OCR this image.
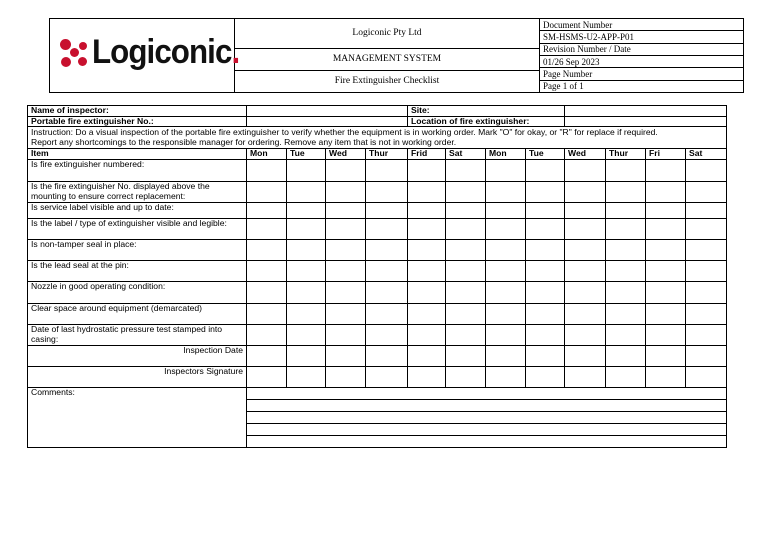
Logiconic.	Logiconic Pty Ltd
MANAGEMENT SYSTEM
Fire Extinguisher Checklist
Document Number
SM-HSMS-U2-APP-P01
Revision Number / Date
01/26 Sep 2023
Page Number
Page 1 of 1
Name of inspector:					Site:							
Portable fire extinguisher No.:					Location of fire extinguisher:							

Instruction: Do a visual inspection of the portable fire extinguisher to verify whether the equipment is in working order. Mark "O" for okay, or "R" for replace if required.
Report any shortcomings to the responsible manager for ordering. Remove any item that is not in working order.												

Item	Mon	Tue	Wed	Thur	Frid	Sat	Mon	Tue	Wed	Thur	Fri	Sat
Is fire extinguisher numbered:												
Is the fire extinguisher No. displayed above the mounting to ensure correct replacement:												
Is service label visible and up to date:												
Is the label / type of extinguisher visible and legible:												
Is non-tamper seal in place:												
Is the lead seal at the pin:												
Nozzle in good operating condition:												
Clear space around equipment (demarcated)												
Date of last hydrostatic pressure test stamped into casing:												
Inspection Date												
Inspectors Signature												
Comments:												
